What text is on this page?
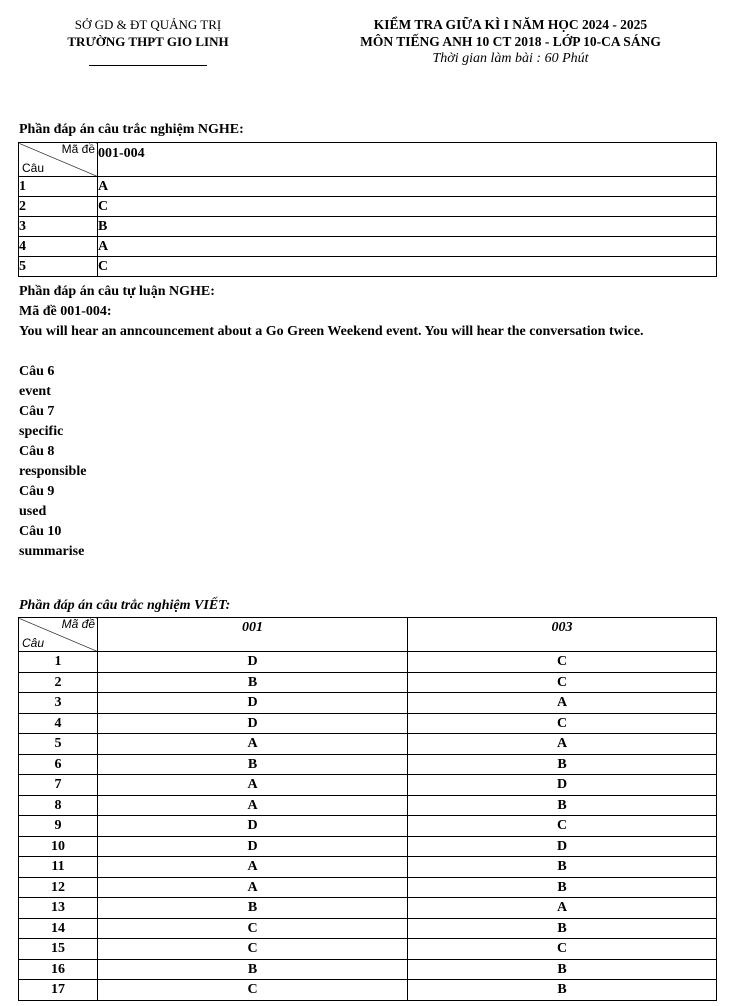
SỞ GD & ĐT QUẢNG TRỊ
TRƯỜNG THPT GIO LINH
KIỂM TRA GIỮA KÌ I NĂM HỌC 2024 - 2025
MÔN TIẾNG ANH 10 CT 2018 - LỚP 10-CA SÁNG
Thời gian làm bài : 60 Phút
Phần đáp án câu trắc nghiệm NGHE:
Mã đề
Câu	001-004
1	A
2	C
3	B
4	A
5	C
Phần đáp án câu tự luận NGHE:
Mã đề 001-004:
You will hear an anncouncement about a Go Green Weekend event. You will hear the conversation twice.
Câu 6
event
Câu 7
specific
Câu 8
responsible
Câu 9
used
Câu 10
summarise
Phần đáp án câu trắc nghiệm VIẾT:
Mã đề
Câu	001	003
1	D	C
2	B	C
3	D	A
4	D	C
5	A	A
6	B	B
7	A	D
8	A	B
9	D	C
10	D	D
11	A	B
12	A	B
13	B	A
14	C	B
15	C	C
16	B	B
17	C	B
